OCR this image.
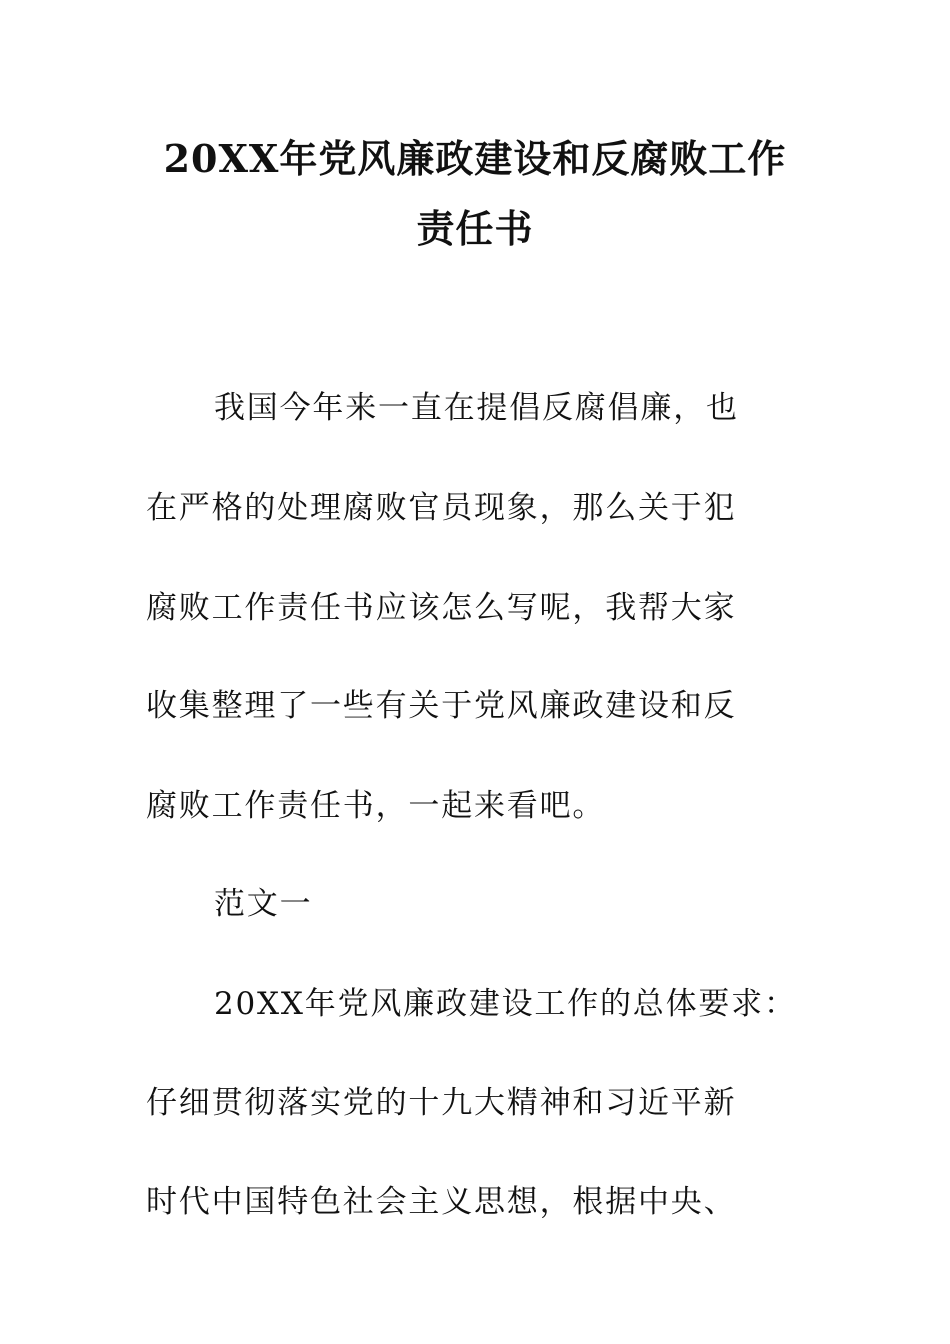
20XX年党风廉政建设和反腐败工作
责任书
我国今年来一直在提倡反腐倡廉，也
在严格的处理腐败官员现象，那么关于犯
腐败工作责任书应该怎么写呢，我帮大家
收集整理了一些有关于党风廉政建设和反
腐败工作责任书，一起来看吧。
范文一
20XX年党风廉政建设工作的总体要求：
仔细贯彻落实党的十九大精神和习近平新
时代中国特色社会主义思想，根据中央、
